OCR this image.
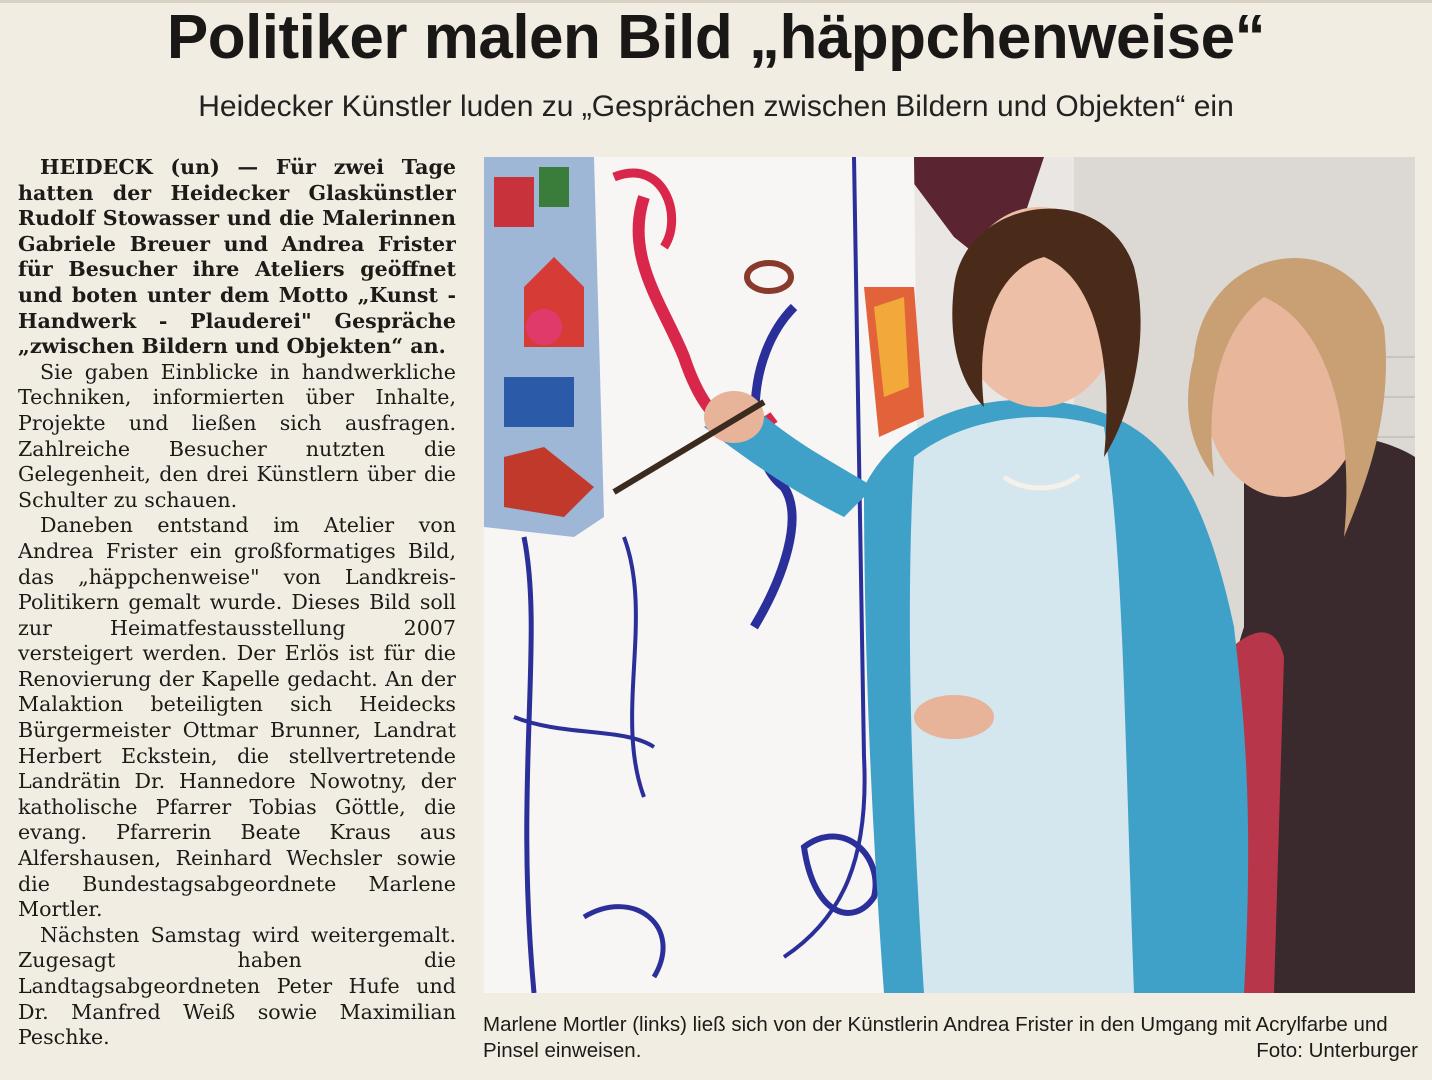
Politiker malen Bild „häppchenweise“
Heidecker Künstler luden zu „Gesprächen zwischen Bildern und Objekten“ ein

HEIDECK (un) — Für zwei Tage hatten der Heidecker Glaskünstler Rudolf Stowasser und die Malerinnen Gabriele Breuer und Andrea Frister für Besucher ihre Ateliers geöffnet und boten unter dem Motto „Kunst - Handwerk - Plauderei" Gespräche „zwischen Bildern und Objekten“ an.

Sie gaben Einblicke in handwerkliche Techniken, informierten über Inhalte, Projekte und ließen sich ausfragen. Zahlreiche Besucher nutzten die Gelegenheit, den drei Künstlern über die Schulter zu schauen.

Daneben entstand im Atelier von Andrea Frister ein großformatiges Bild, das „häppchenweise" von Landkreis-Politikern gemalt wurde. Dieses Bild soll zur Heimatfestausstellung 2007 versteigert werden. Der Erlös ist für die Renovierung der Kapelle gedacht. An der Malaktion beteiligten sich Heidecks Bürgermeister Ottmar Brunner, Landrat Herbert Eckstein, die stellvertretende Landrätin Dr. Hannedore Nowotny, der katholische Pfarrer Tobias Göttle, die evang. Pfarrerin Beate Kraus aus Alfershausen, Reinhard Wechsler sowie die Bundestagsabgeordnete Marlene Mortler.

Nächsten Samstag wird weitergemalt. Zugesagt haben die Landtagsabgeordneten Peter Hufe und Dr. Manfred Weiß sowie Maximilian Peschke.

Marlene Mortler (links) ließ sich von der Künstlerin Andrea Frister in den Umgang mit Acrylfarbe und Pinsel einweisen.	Foto: Unterburger
